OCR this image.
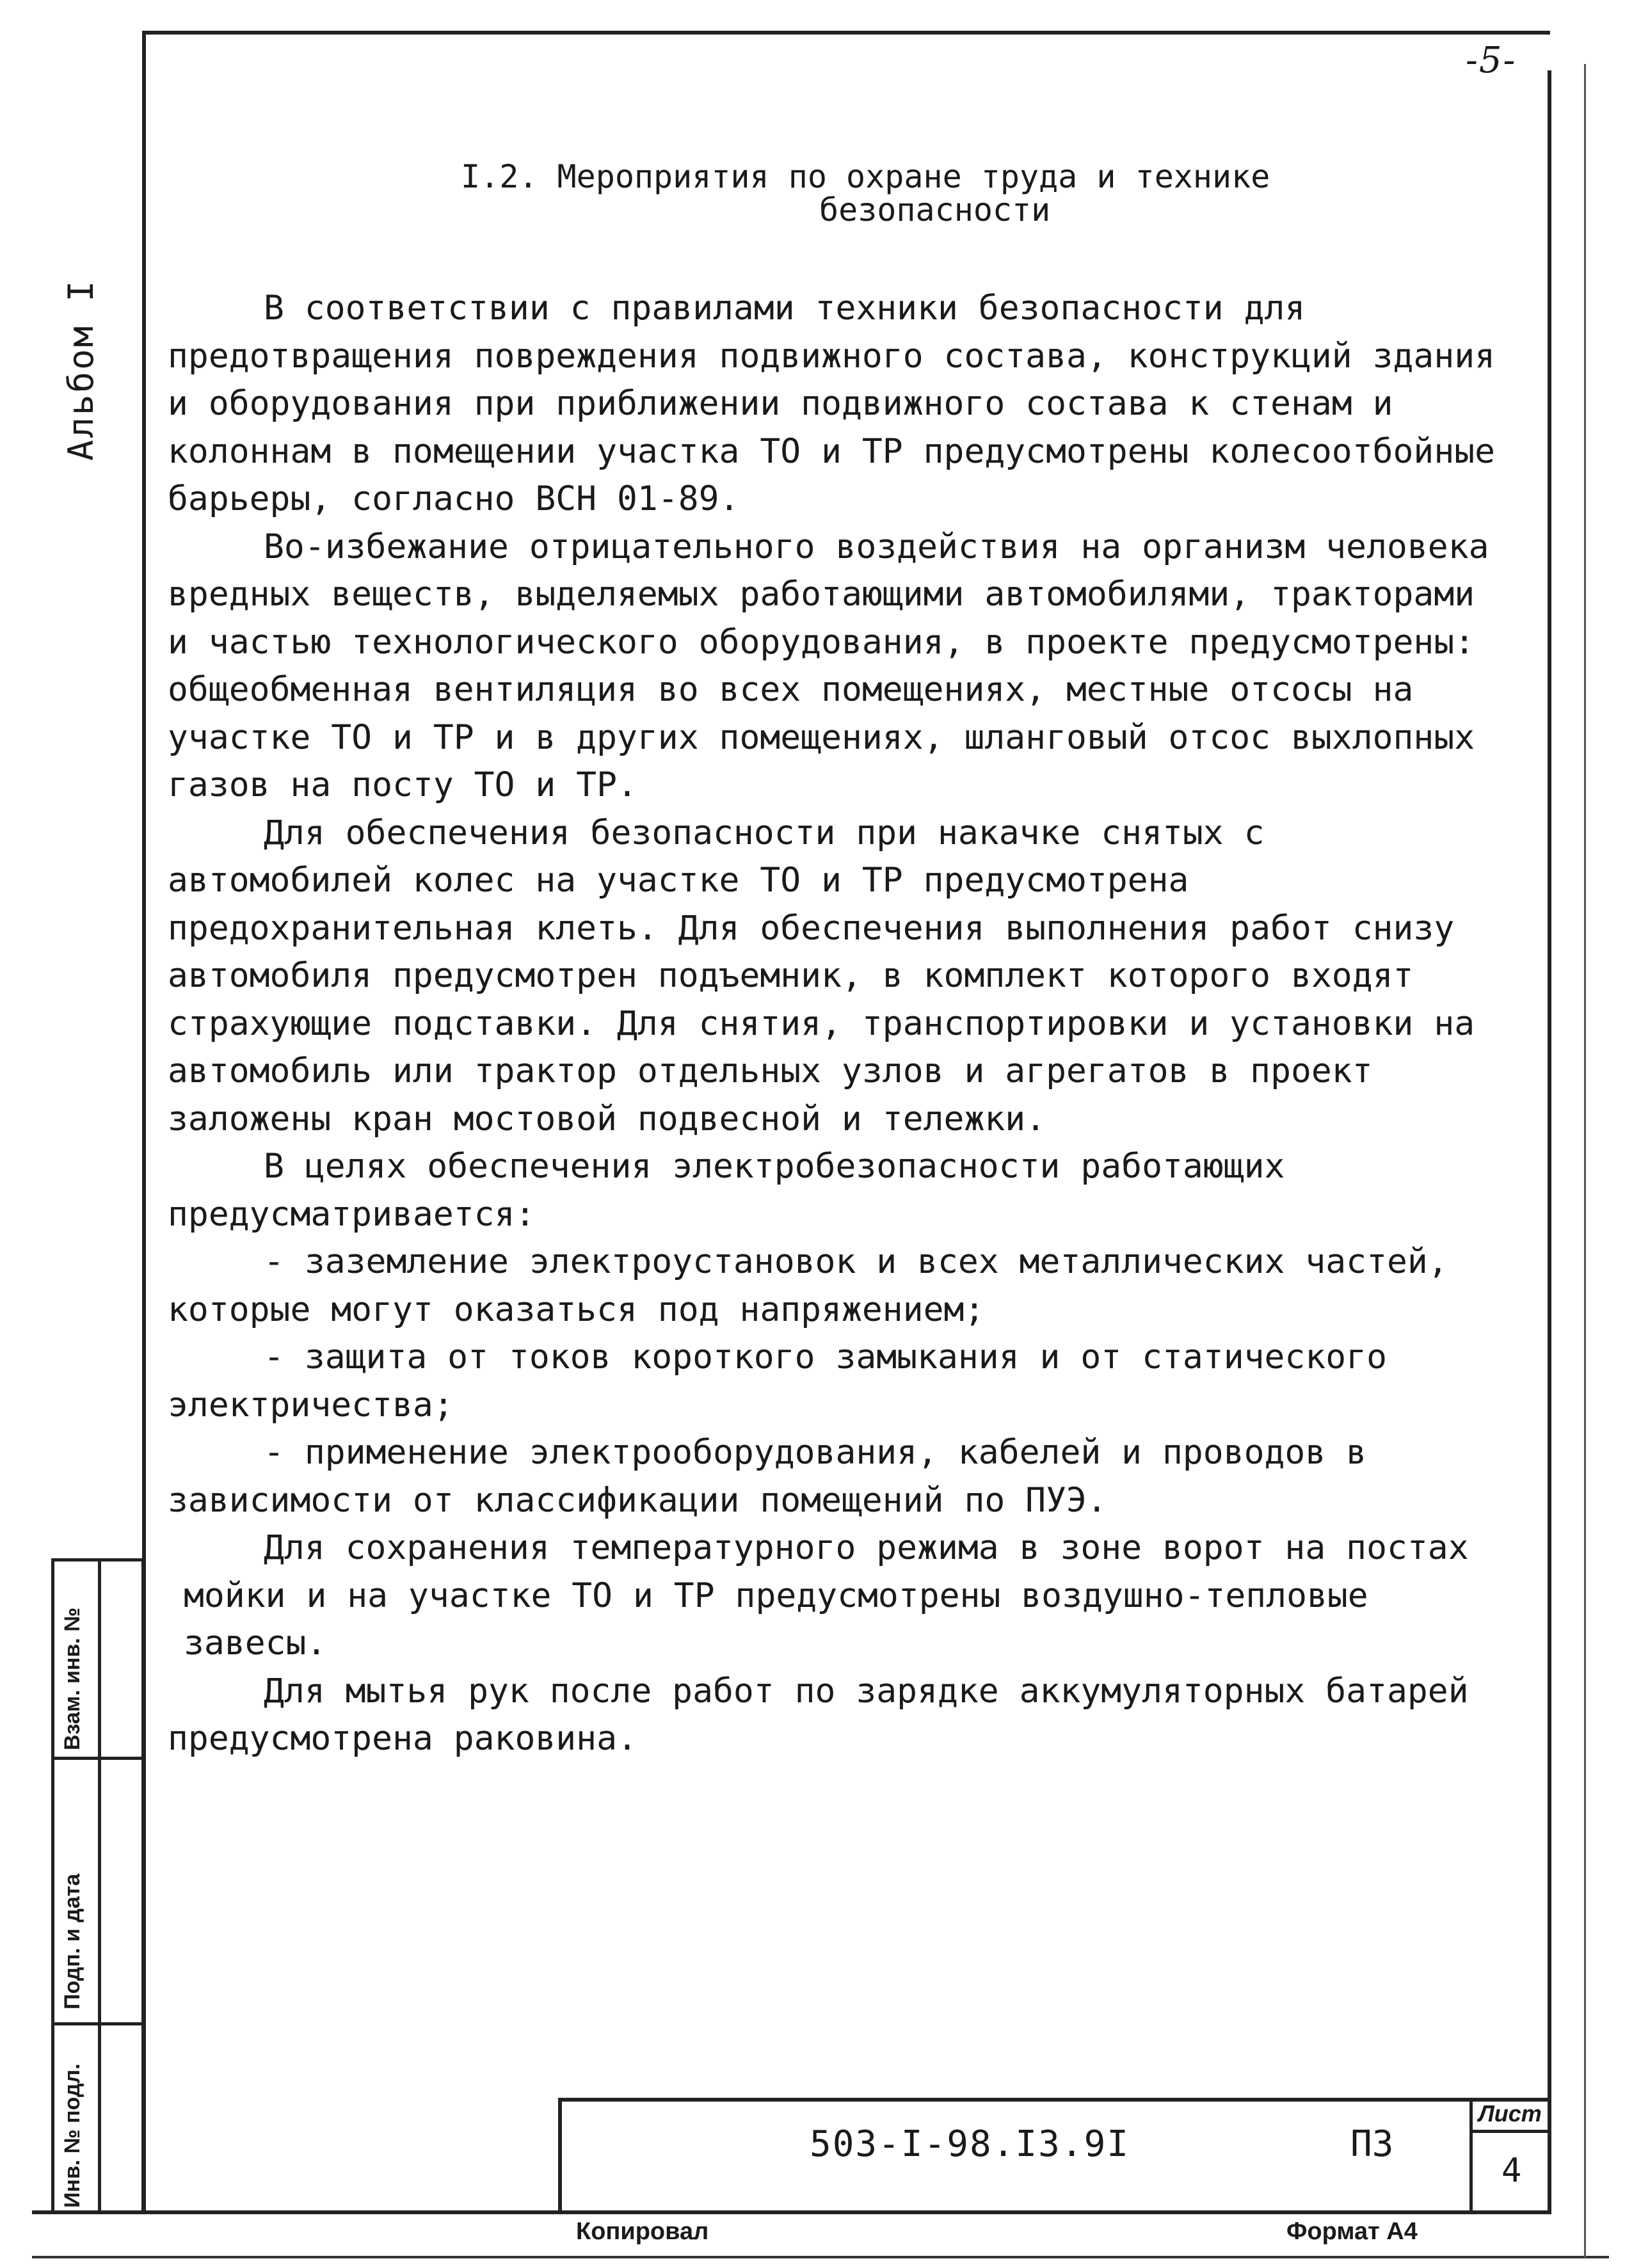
-5-
Альбом I
I.2. Мероприятия по охране труда и технике
безопасности

В соответствии с правилами техники безопасности для предотвращения повреждения подвижного состава, конструкций здания и оборудования при приближении подвижного состава к стенам и колоннам в помещении участка ТО и ТР предусмотрены колесоотбойные барьеры, согласно ВСН 01-89.

Во-избежание отрицательного воздействия на организм человека вредных веществ, выделяемых работающими автомобилями, тракторами и частью технологического оборудования, в проекте предусмотрены: общеобменная вентиляция во всех помещениях, местные отсосы на участке ТО и ТР и в других помещениях, шланговый отсос выхлопных газов на посту ТО и ТР.

Для обеспечения безопасности при накачке снятых с автомобилей колес на участке ТО и ТР предусмотрена предохранительная клеть. Для обеспечения выполнения работ снизу автомобиля предусмотрен подъемник, в комплект которого входят страхующие подставки. Для снятия, транспортировки и установки на автомобиль или трактор отдельных узлов и агрегатов в проект заложены кран мостовой подвесной и тележки.

В целях обеспечения электробезопасности работающих предусматривается:

- заземление электроустановок и всех металлических частей, которые могут оказаться под напряжением;

- защита от токов короткого замыкания и от статического электричества;

- применение электрооборудования, кабелей и проводов в зависимости от классификации помещений по ПУЭ.

Для сохранения температурного режима в зоне ворот на постах мойки и на участке ТО и ТР предусмотрены воздушно-тепловые завесы.

Для мытья рук после работ по зарядке аккумуляторных батарей предусмотрена раковина.

Взам. инв. №
Подп. и дата
Инв. № подл.	Лист
4
503-I-98.I3.9I	ПЗ
Копировал	Формат А4
